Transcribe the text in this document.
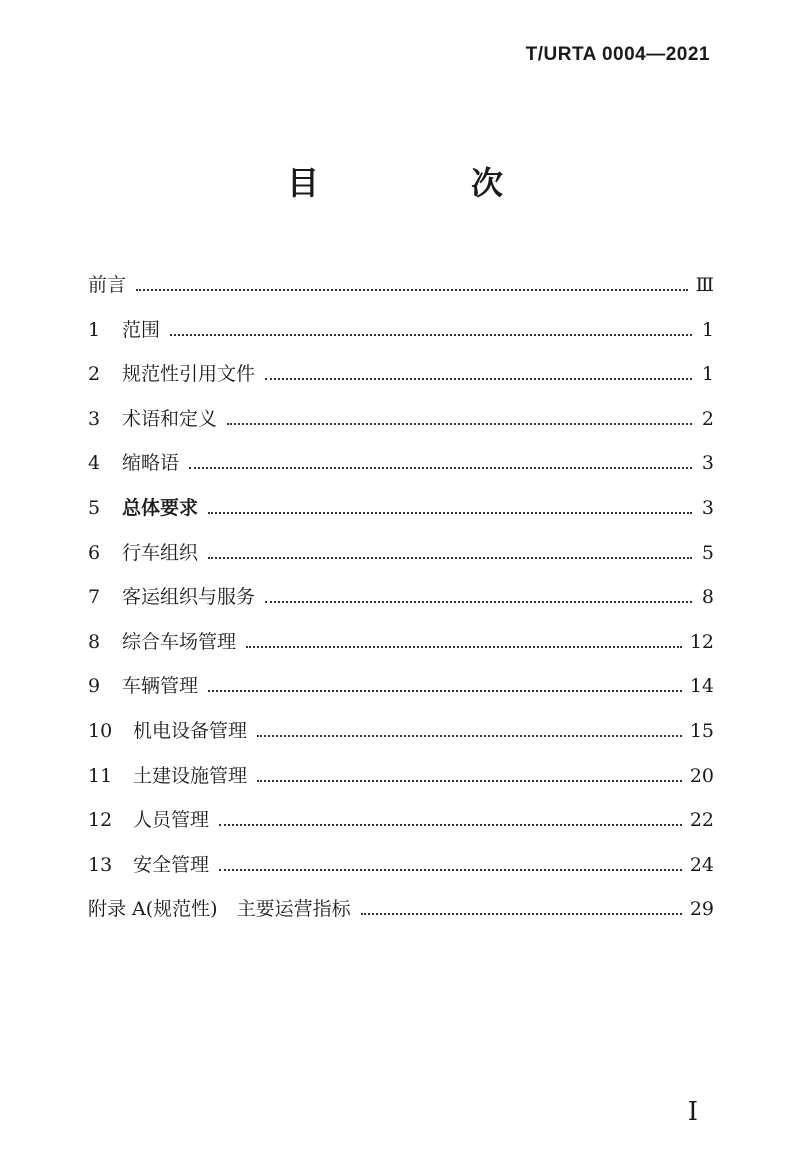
T/URTA 0004—2021
目　次
前言	Ⅲ
1	范围	1
2	规范性引用文件	1
3	术语和定义	2
4	缩略语	3
5	总体要求	3
6	行车组织	5
7	客运组织与服务	8
8	综合车场管理	12
9	车辆管理	14
10	机电设备管理	15
11	土建设施管理	20
12	人员管理	22
13	安全管理	24
附录 A(规范性)　主要运营指标	29
I
